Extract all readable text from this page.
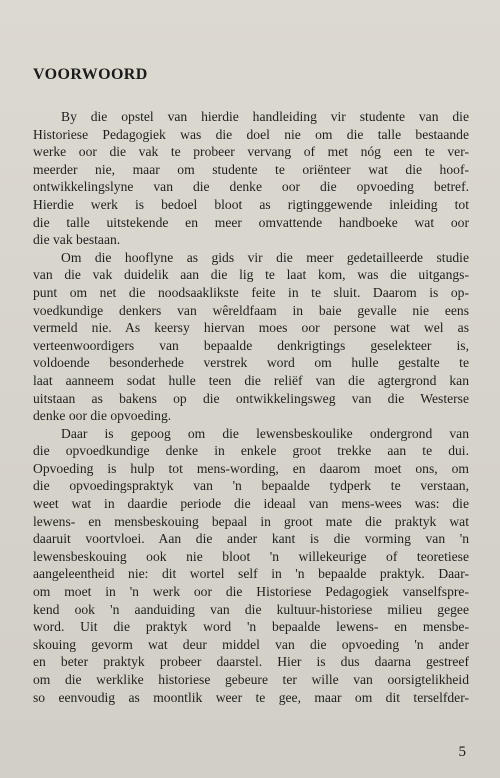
VOORWOORD
By die opstel van hierdie handleiding vir studente van die
Historiese Pedagogiek was die doel nie om die talle bestaande
werke oor die vak te probeer vervang of met nóg een te ver-
meerder nie, maar om studente te oriënteer wat die hoof-
ontwikkelingslyne van die denke oor die opvoeding betref.
Hierdie werk is bedoel bloot as rigtinggewende inleiding tot
die talle uitstekende en meer omvattende handboeke wat oor
die vak bestaan.
Om die hooflyne as gids vir die meer gedetailleerde studie
van die vak duidelik aan die lig te laat kom, was die uitgangs-
punt om net die noodsaaklikste feite in te sluit. Daarom is op-
voedkundige denkers van wêreldfaam in baie gevalle nie eens
vermeld nie. As keersy hiervan moes oor persone wat wel as
verteenwoordigers van bepaalde denkrigtings geselekteer is,
voldoende besonderhede verstrek word om hulle gestalte te
laat aanneem sodat hulle teen die reliëf van die agtergrond kan
uitstaan as bakens op die ontwikkelingsweg van die Westerse
denke oor die opvoeding.
Daar is gepoog om die lewensbeskoulike ondergrond van
die opvoedkundige denke in enkele groot trekke aan te dui.
Opvoeding is hulp tot mens-wording, en daarom moet ons, om
die opvoedingspraktyk van 'n bepaalde tydperk te verstaan,
weet wat in daardie periode die ideaal van mens-wees was: die
lewens- en mensbeskouing bepaal in groot mate die praktyk wat
daaruit voortvloei. Aan die ander kant is die vorming van 'n
lewensbeskouing ook nie bloot 'n willekeurige of teoretiese
aangeleentheid nie: dit wortel self in 'n bepaalde praktyk. Daar-
om moet in 'n werk oor die Historiese Pedagogiek vanselfspre-
kend ook 'n aanduiding van die kultuur-historiese milieu gegee
word. Uit die praktyk word 'n bepaalde lewens- en mensbe-
skouing gevorm wat deur middel van die opvoeding 'n ander
en beter praktyk probeer daarstel. Hier is dus daarna gestreef
om die werklike historiese gebeure ter wille van oorsigtelikheid
so eenvoudig as moontlik weer te gee, maar om dit terselfder-
5
